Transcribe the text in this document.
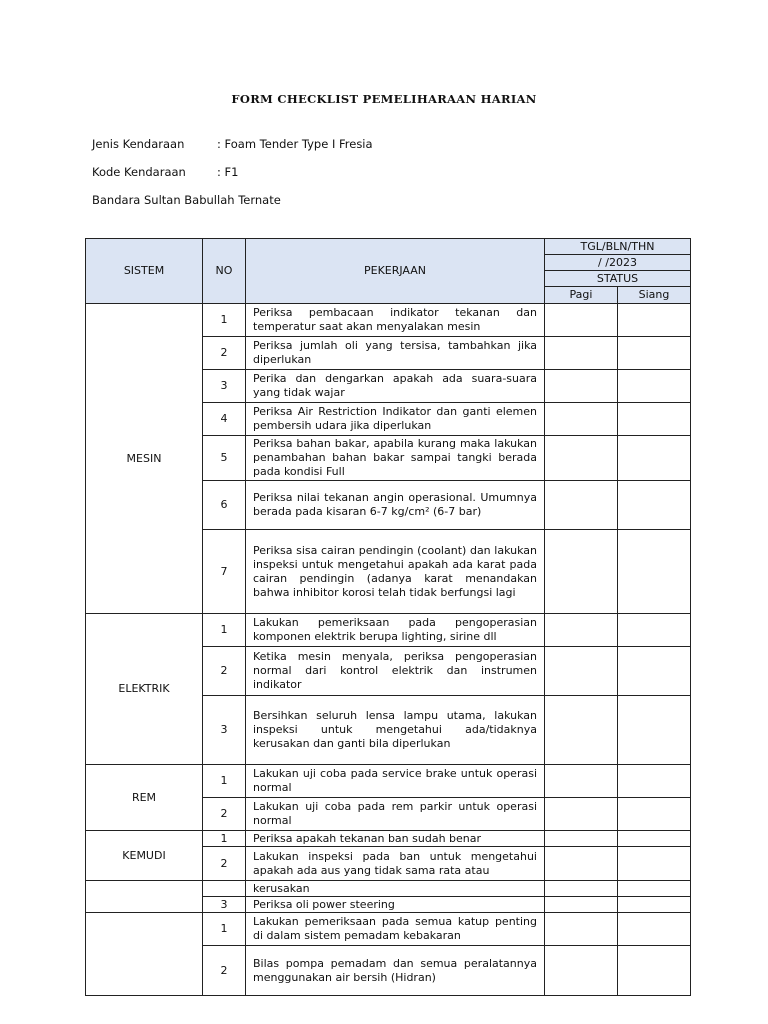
FORM CHECKLIST PEMELIHARAAN HARIAN
Jenis Kendaraan	: Foam Tender Type I Fresia
Kode Kendaraan	: F1
Bandara Sultan Babullah Ternate
SISTEM	NO	PEKERJAAN	TGL/BLN/THN	
			/ /2023	
			STATUS	
			Pagi	Siang
MESIN	1	Periksa pembacaan indikator tekanan dan temperatur saat akan menyalakan mesin		
	2	Periksa jumlah oli yang tersisa, tambahkan jika diperlukan		
	3	Perika dan dengarkan apakah ada suara-suara yang tidak wajar		
	4	Periksa Air Restriction Indikator dan ganti elemen pembersih udara jika diperlukan		
	5	Periksa bahan bakar, apabila kurang maka lakukan penambahan bahan bakar sampai tangki berada pada kondisi Full		
	6	Periksa nilai tekanan angin operasional. Umumnya berada pada kisaran 6-7 kg/cm² (6-7 bar)		
	7	Periksa sisa cairan pendingin (coolant) dan lakukan inspeksi untuk mengetahui apakah ada karat pada cairan pendingin (adanya karat menandakan bahwa inhibitor korosi telah tidak berfungsi lagi		
ELEKTRIK	1	Lakukan pemeriksaan pada pengoperasian komponen elektrik berupa lighting, sirine dll		
	2	Ketika mesin menyala, periksa pengoperasian normal dari kontrol elektrik dan instrumen indikator		
	3	Bersihkan seluruh lensa lampu utama, lakukan inspeksi untuk mengetahui ada/tidaknya kerusakan dan ganti bila diperlukan		
REM	1	Lakukan uji coba pada service brake untuk operasi normal		
	2	Lakukan uji coba pada rem parkir untuk operasi normal		
KEMUDI	1	Periksa apakah tekanan ban sudah benar		
	2	Lakukan inspeksi pada ban untuk mengetahui apakah ada aus yang tidak sama rata atau		
		kerusakan		
	3	Periksa oli power steering		
	1	Lakukan pemeriksaan pada semua katup penting di dalam sistem pemadam kebakaran		
	2	Bilas pompa pemadam dan semua peralatannya menggunakan air bersih (Hidran)		
